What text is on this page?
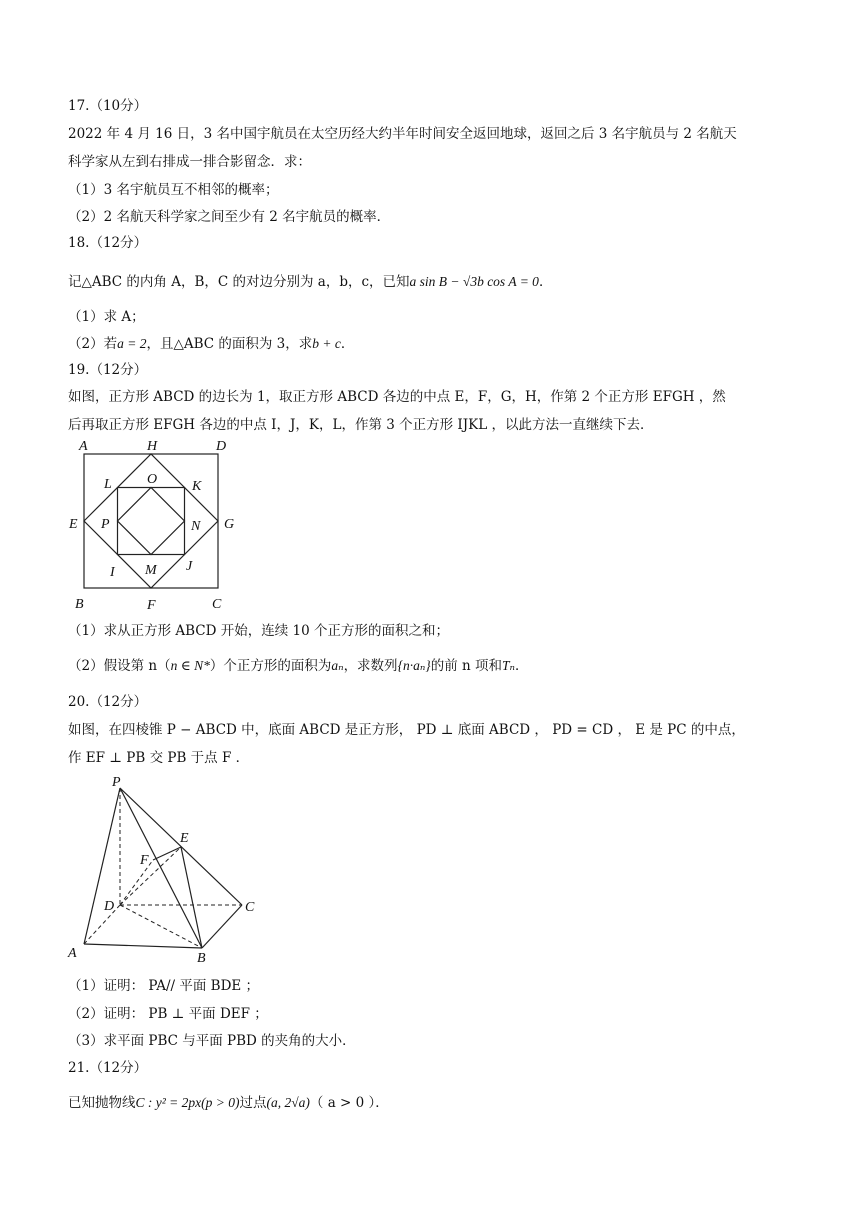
17.（10分）
2022 年 4 月 16 日，3 名中国宇航员在太空历经大约半年时间安全返回地球，返回之后 3 名宇航员与 2 名航天
科学家从左到右排成一排合影留念．求：
（1）3 名宇航员互不相邻的概率；
（2）2 名航天科学家之间至少有 2 名宇航员的概率．
18.（12分）
记△ABC 的内角 A，B，C 的对边分别为 a，b，c，已知a sin B − √3b cos A = 0．
（1）求 A；
（2）若a = 2，且△ABC 的面积为 3，求b + c．
19.（12分）
如图，正方形 ABCD 的边长为 1，取正方形 ABCD 各边的中点 E，F，G，H，作第 2 个正方形 EFGH ，然
后再取正方形 EFGH 各边的中点 I，J，K，L，作第 3 个正方形 IJKL ，以此方法一直继续下去．
A	H	D
L	O K
E P	N G
I M J
B	F	C
（1）求从正方形 ABCD 开始，连续 10 个正方形的面积之和；
（2）假设第 n（n ∈ N*）个正方形的面积为aₙ，求数列{n·aₙ}的前 n 项和Tₙ．
20.（12分）
如图，在四棱锥 P − ABCD 中，底面 ABCD 是正方形， PD ⊥ 底面 ABCD ， PD = CD ， E 是 PC 的中点，
作 EF ⊥ PB 交 PB 于点 F ．
P
E
F
D	C
A	B
（1）证明： PA// 平面 BDE ；
（2）证明： PB ⊥ 平面 DEF ；
（3）求平面 PBC 与平面 PBD 的夹角的大小．
21.（12分）
已知抛物线C : y² = 2px(p > 0)过点(a, 2√a)（ a > 0 ）．
